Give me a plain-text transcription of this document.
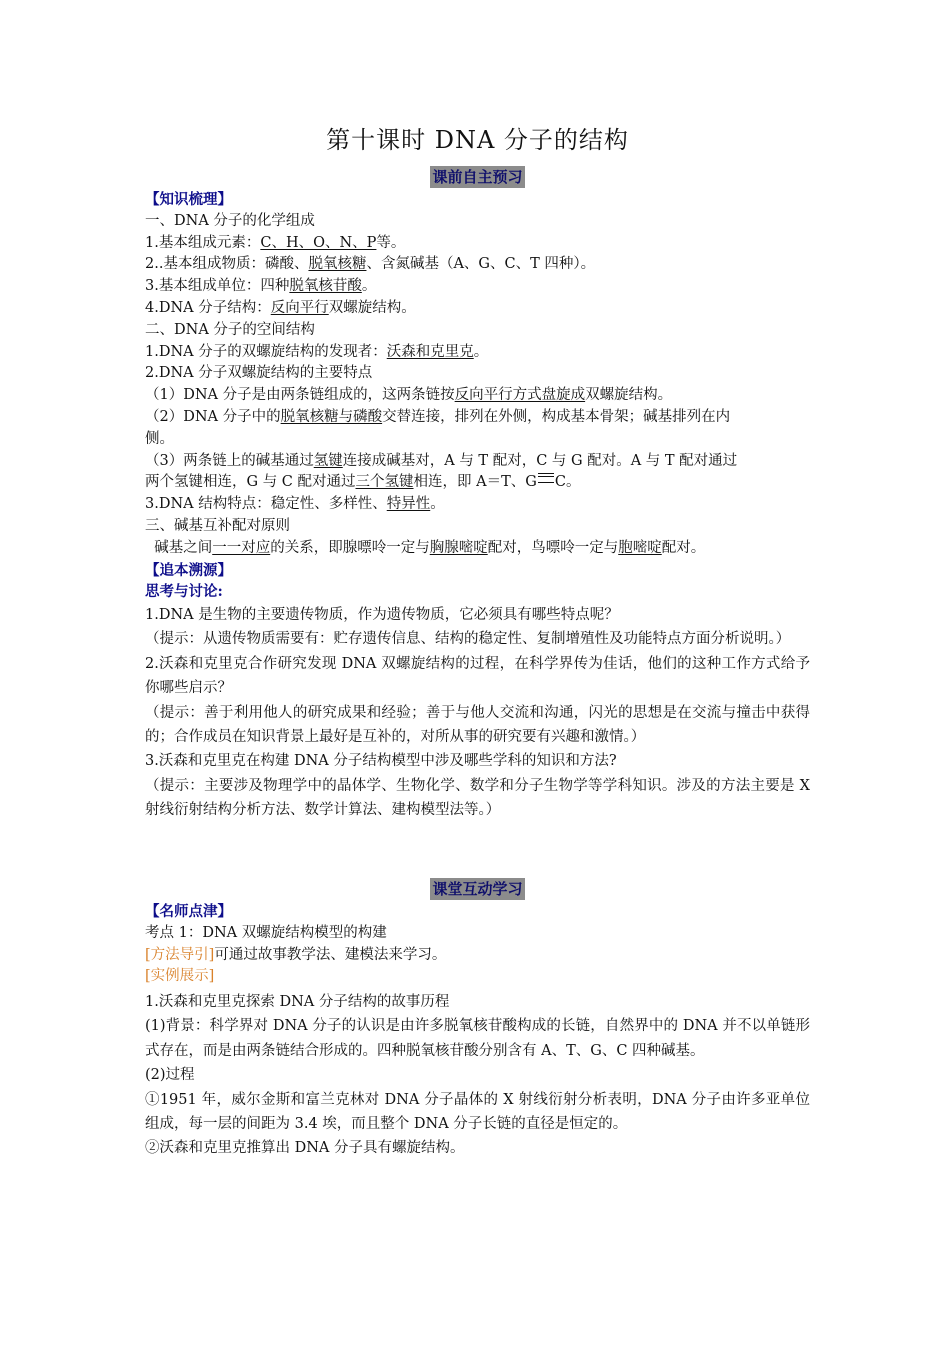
第十课时 DNA 分子的结构
课前自主预习
【知识梳理】
一、DNA 分子的化学组成
1.基本组成元素：C、H、O、N、P等。
2..基本组成物质：磷酸、脱氧核糖、含氮碱基（A、G、C、T 四种）。
3.基本组成单位：四种脱氧核苷酸。
4.DNA 分子结构：反向平行双螺旋结构。
二、DNA 分子的空间结构
1.DNA 分子的双螺旋结构的发现者：沃森和克里克。
2.DNA 分子双螺旋结构的主要特点
（1）DNA 分子是由两条链组成的，这两条链按反向平行方式盘旋成双螺旋结构。
（2）DNA 分子中的脱氧核糖与磷酸交替连接，排列在外侧，构成基本骨架；碱基排列在内
侧。
（3）两条链上的碱基通过氢键连接成碱基对，A 与 T 配对，C 与 G 配对。A 与 T 配对通过
两个氢键相连，G 与 C 配对通过三个氢键相连，即 A＝T、G C。
3.DNA 结构特点：稳定性、多样性、特异性。
三、碱基互补配对原则
碱基之间一一对应的关系，即腺嘌呤一定与胸腺嘧啶配对，鸟嘌呤一定与胞嘧啶配对。
【追本溯源】
思考与讨论:
1.DNA 是生物的主要遗传物质，作为遗传物质，它必须具有哪些特点呢？
（提示：从遗传物质需要有：贮存遗传信息、结构的稳定性、复制增殖性及功能特点方面分析说明。）
2.沃森和克里克合作研究发现 DNA 双螺旋结构的过程，在科学界传为佳话，他们的这种工作方式给予你哪些启示？
（提示：善于利用他人的研究成果和经验；善于与他人交流和沟通，闪光的思想是在交流与撞击中获得的；合作成员在知识背景上最好是互补的，对所从事的研究要有兴趣和激情。）
3.沃森和克里克在构建 DNA 分子结构模型中涉及哪些学科的知识和方法?
（提示：主要涉及物理学中的晶体学、生物化学、数学和分子生物学等学科知识。涉及的方法主要是 X 射线衍射结构分析方法、数学计算法、建构模型法等。）
课堂互动学习
【名师点津】
考点 1：DNA 双螺旋结构模型的构建
[方法导引]可通过故事教学法、建模法来学习。
[实例展示]
1.沃森和克里克探索 DNA 分子结构的故事历程
(1)背景：科学界对 DNA 分子的认识是由许多脱氧核苷酸构成的长链，自然界中的 DNA 并不以单链形式存在，而是由两条链结合形成的。四种脱氧核苷酸分别含有 A、T、G、C 四种碱基。
(2)过程
①1951 年，威尔金斯和富兰克林对 DNA 分子晶体的 X 射线衍射分析表明，DNA 分子由许多亚单位组成，每一层的间距为 3.4 埃，而且整个 DNA 分子长链的直径是恒定的。
②沃森和克里克推算出 DNA 分子具有螺旋结构。
